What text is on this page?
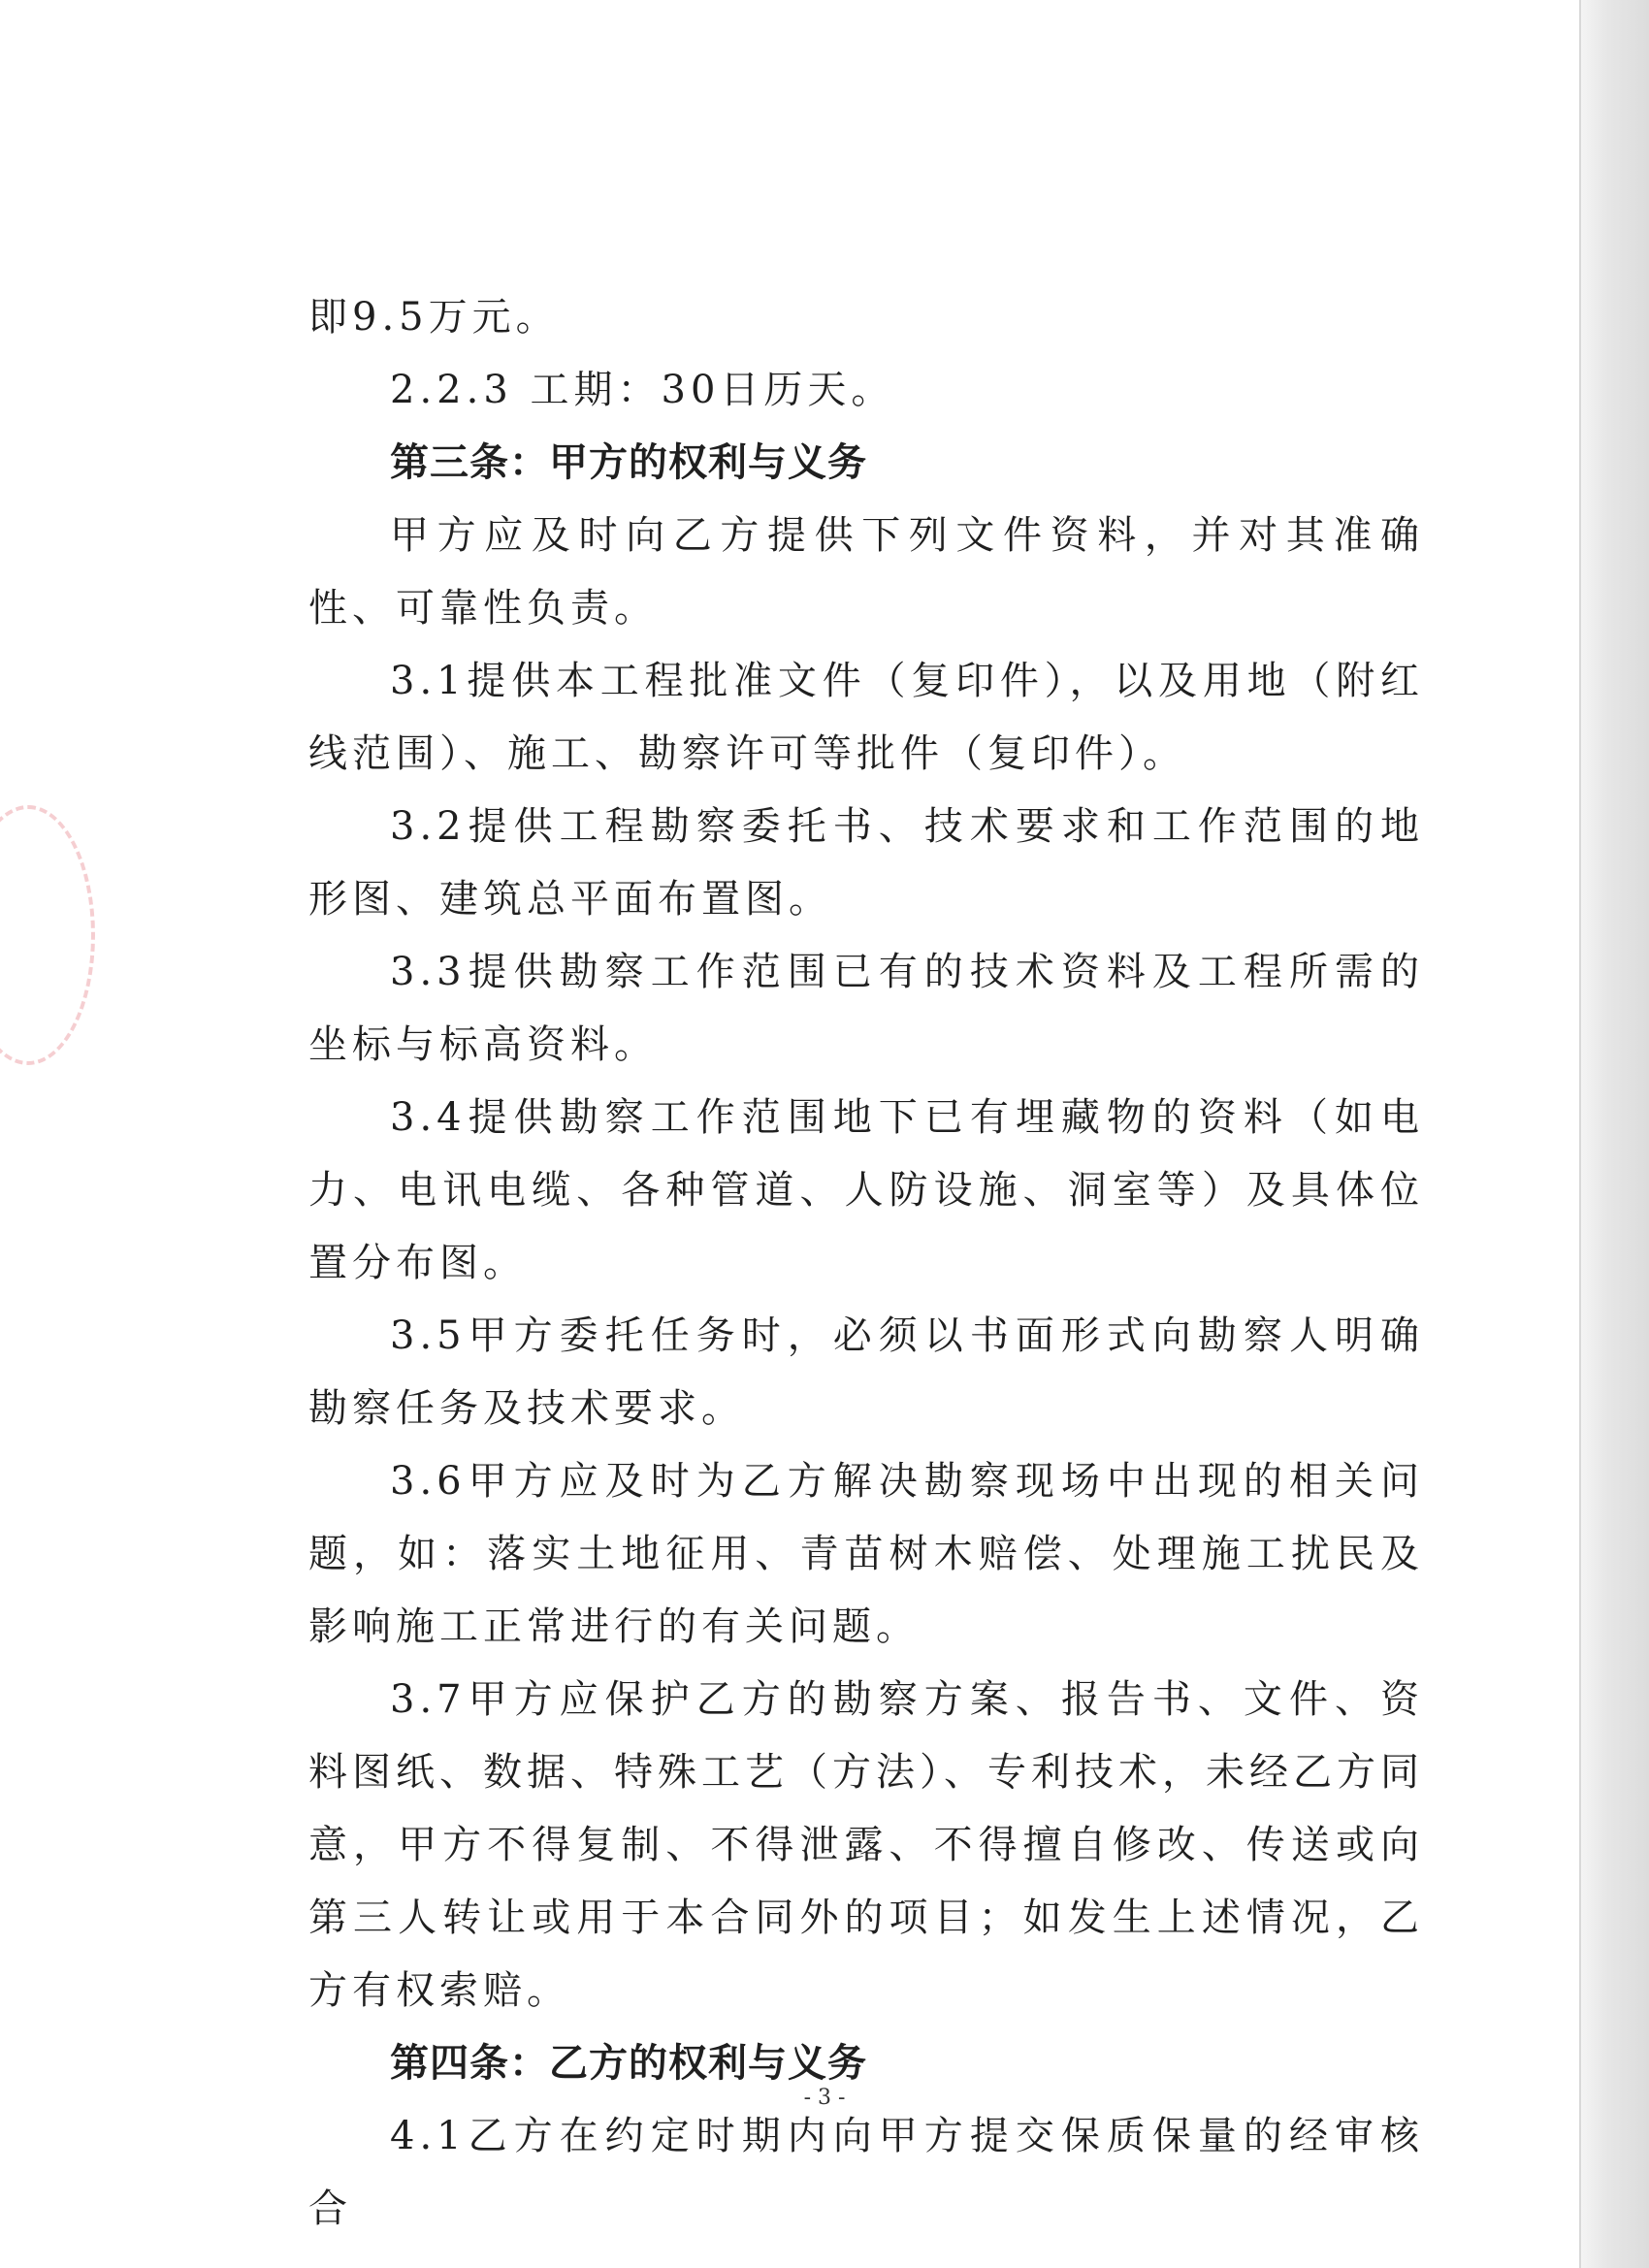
即9.5万元。

2.2.3 工期：30日历天。

第三条：甲方的权利与义务

甲方应及时向乙方提供下列文件资料，并对其准确性、可靠性负责。

3.1提供本工程批准文件（复印件），以及用地（附红线范围）、施工、勘察许可等批件（复印件）。

3.2提供工程勘察委托书、技术要求和工作范围的地形图、建筑总平面布置图。

3.3提供勘察工作范围已有的技术资料及工程所需的坐标与标高资料。

3.4提供勘察工作范围地下已有埋藏物的资料（如电力、电讯电缆、各种管道、人防设施、洞室等）及具体位置分布图。

3.5甲方委托任务时，必须以书面形式向勘察人明确勘察任务及技术要求。

3.6甲方应及时为乙方解决勘察现场中出现的相关问题，如：落实土地征用、青苗树木赔偿、处理施工扰民及影响施工正常进行的有关问题。

3.7甲方应保护乙方的勘察方案、报告书、文件、资料图纸、数据、特殊工艺（方法）、专利技术，未经乙方同意，甲方不得复制、不得泄露、不得擅自修改、传送或向第三人转让或用于本合同外的项目；如发生上述情况，乙方有权索赔。

第四条：乙方的权利与义务

4.1乙方在约定时期内向甲方提交保质保量的经审核合

- 3 -
